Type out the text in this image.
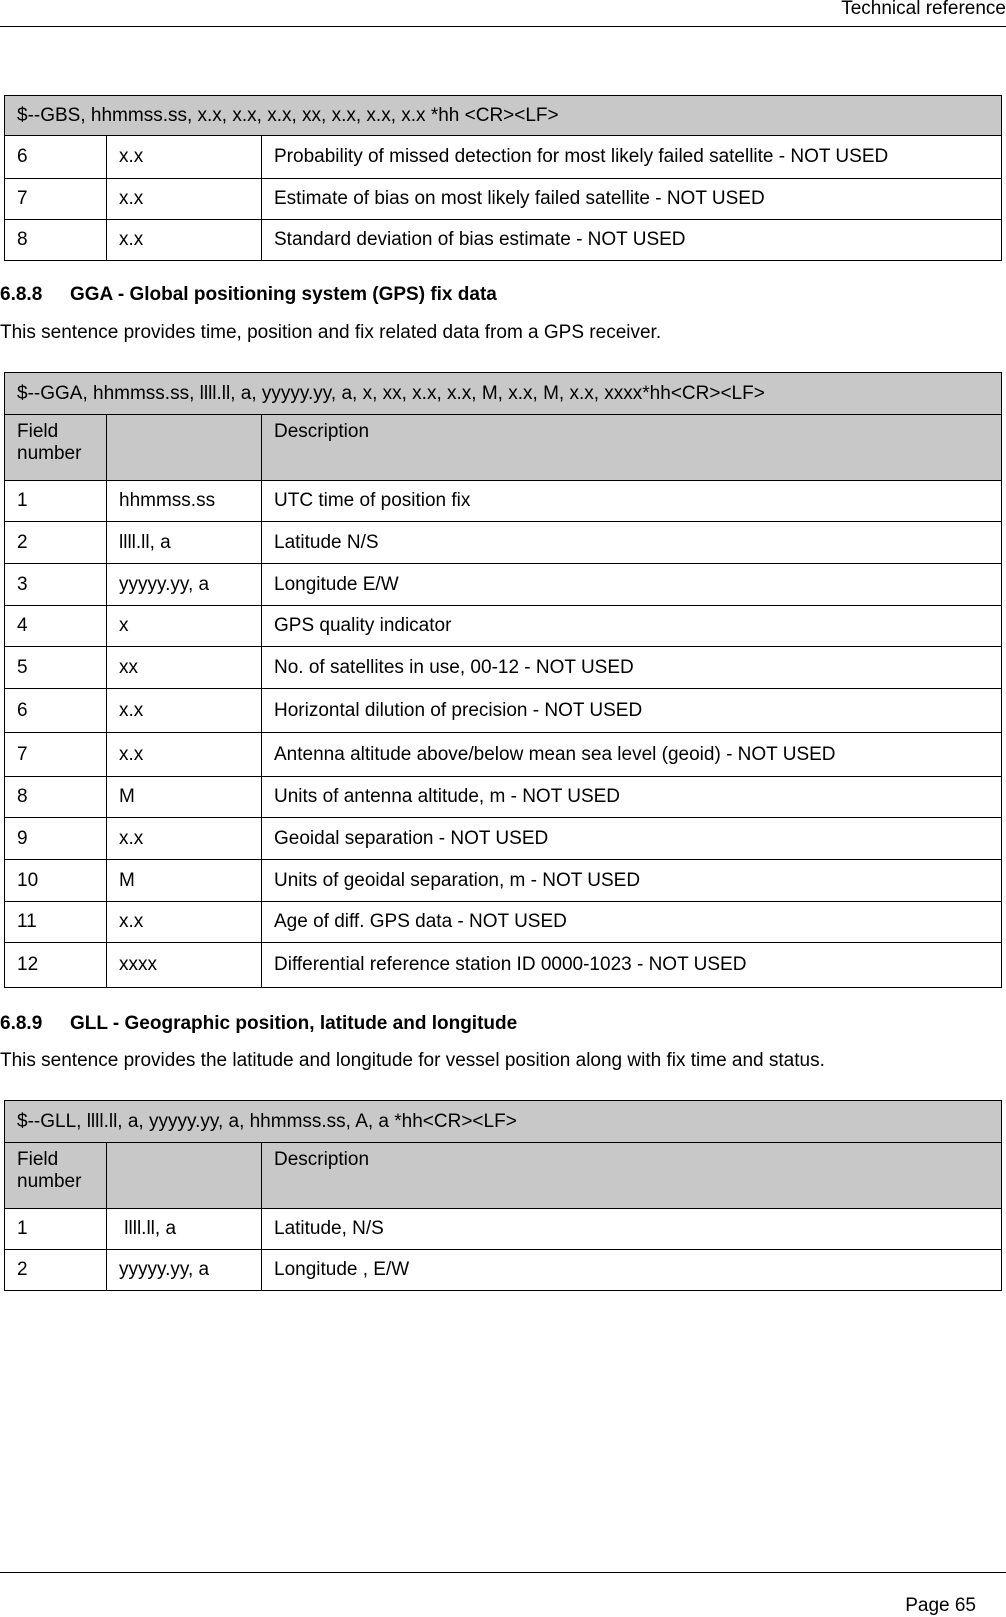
Technical reference
$--GBS, hhmmss.ss, x.x, x.x, x.x, xx, x.x, x.x, x.x *hh <CR><LF>		
6	x.x	Probability of missed detection for most likely failed satellite - NOT USED
7	x.x	Estimate of bias on most likely failed satellite - NOT USED
8	x.x	Standard deviation of bias estimate - NOT USED
6.8.8 GGA - Global positioning system (GPS) fix data
This sentence provides time, position and fix related data from a GPS receiver.
$--GGA, hhmmss.ss, llll.ll, a, yyyyy.yy, a, x, xx, x.x, x.x, M, x.x, M, x.x, xxxx*hh<CR><LF>		
Field number		Description
1	hhmmss.ss	UTC time of position fix
2	llll.ll, a	Latitude N/S
3	yyyyy.yy, a	Longitude E/W
4	x	GPS quality indicator
5	xx	No. of satellites in use, 00-12 - NOT USED
6	x.x	Horizontal dilution of precision - NOT USED
7	x.x	Antenna altitude above/below mean sea level (geoid) - NOT USED
8	M	Units of antenna altitude, m - NOT USED
9	x.x	Geoidal separation - NOT USED
10	M	Units of geoidal separation, m - NOT USED
11	x.x	Age of diff. GPS data - NOT USED
12	xxxx	Differential reference station ID 0000-1023 - NOT USED
6.8.9 GLL - Geographic position, latitude and longitude
This sentence provides the latitude and longitude for vessel position along with fix time and status.
$--GLL, llll.ll, a, yyyyy.yy, a, hhmmss.ss, A, a *hh<CR><LF>		
Field number		Description
1	llll.ll, a	Latitude, N/S
2	yyyyy.yy, a	Longitude , E/W
Page 65
